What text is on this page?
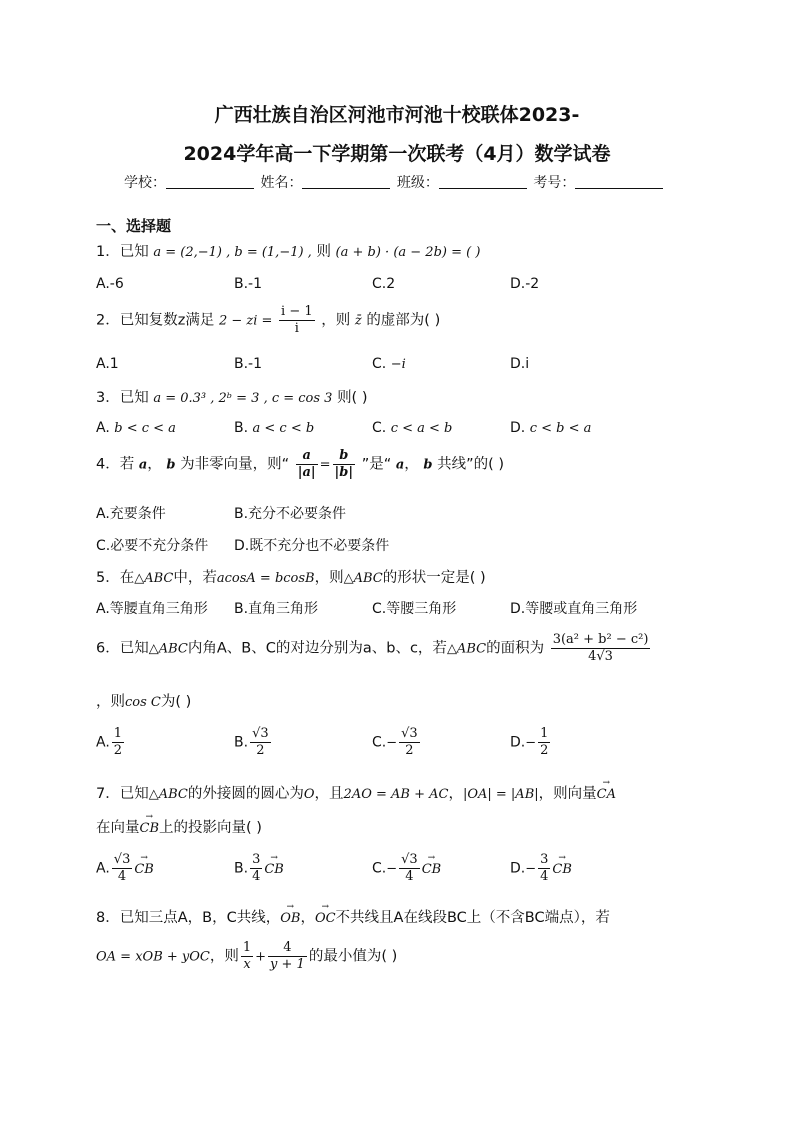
广西壮族自治区河池市河池十校联体2023-
2024学年高一下学期第一次联考（4月）数学试卷
学校：	姓名：	班级：	考号：
一、选择题
1．已知 a = (2,−1) , b = (1,−1) , 则 (a + b) · (a − 2b) = ( )
A.-6	B.-1	C.2	D.-2
2．已知复数z满足 2 − zi = $\frac{i - 1}{i}$ ，则 z̄ 的虚部为( )
A.1	B.-1	C. −i	D.i
3．已知 a = 0.3³ , 2ᵇ = 3 , c = cos 3 则( )
A. b < c < a	B. a < c < b	C. c < a < b	D. c < b < a
4．若 a， b 为非零向量，则“ $\frac{a}{|a|} = \frac{b}{|b|}$ ”是“ a， b 共线”的( )
A.充要条件	B.充分不必要条件
C.必要不充分条件 D.既不充分也不必要条件
5．在△ABC中，若acosA = bcosB，则△ABC的形状一定是( )
A.等腰直角三角形 B.直角三角形	C.等腰三角形	D.等腰或直角三角形
6．已知△ABC内角A、B、C的对边分别为a、b、c，若△ABC的面积为 $\frac{\text{3(a² + b² − c²)}}{4√3}$
，则cos C为( )
A. $\frac{1}{2}$	B. $\frac{√3}{2}$	$C.- \frac{√3}{2}$	$D.- \frac{1}{2}$
7．已知△ABC的外接圆的圆心为O，且2AO = AB + AC，|OA| = |AB|，则向量→ CA
在向量→ CB上的投影向量( )
A. $\frac{√3}{4}$ → CB	B. $\frac{3}{4}$ → CB	$C.- \frac{√3}{4}$ → CB	$D.- \frac{3}{4}$ → CB
8．已知三点A，B，C共线，→ OB，→ OC不共线且A在线段BC上（不含BC端点），若
OA = xOB + yOC，则 $\frac{1}{x} + \frac{4}{y + 1}$ 的最小值为( )
